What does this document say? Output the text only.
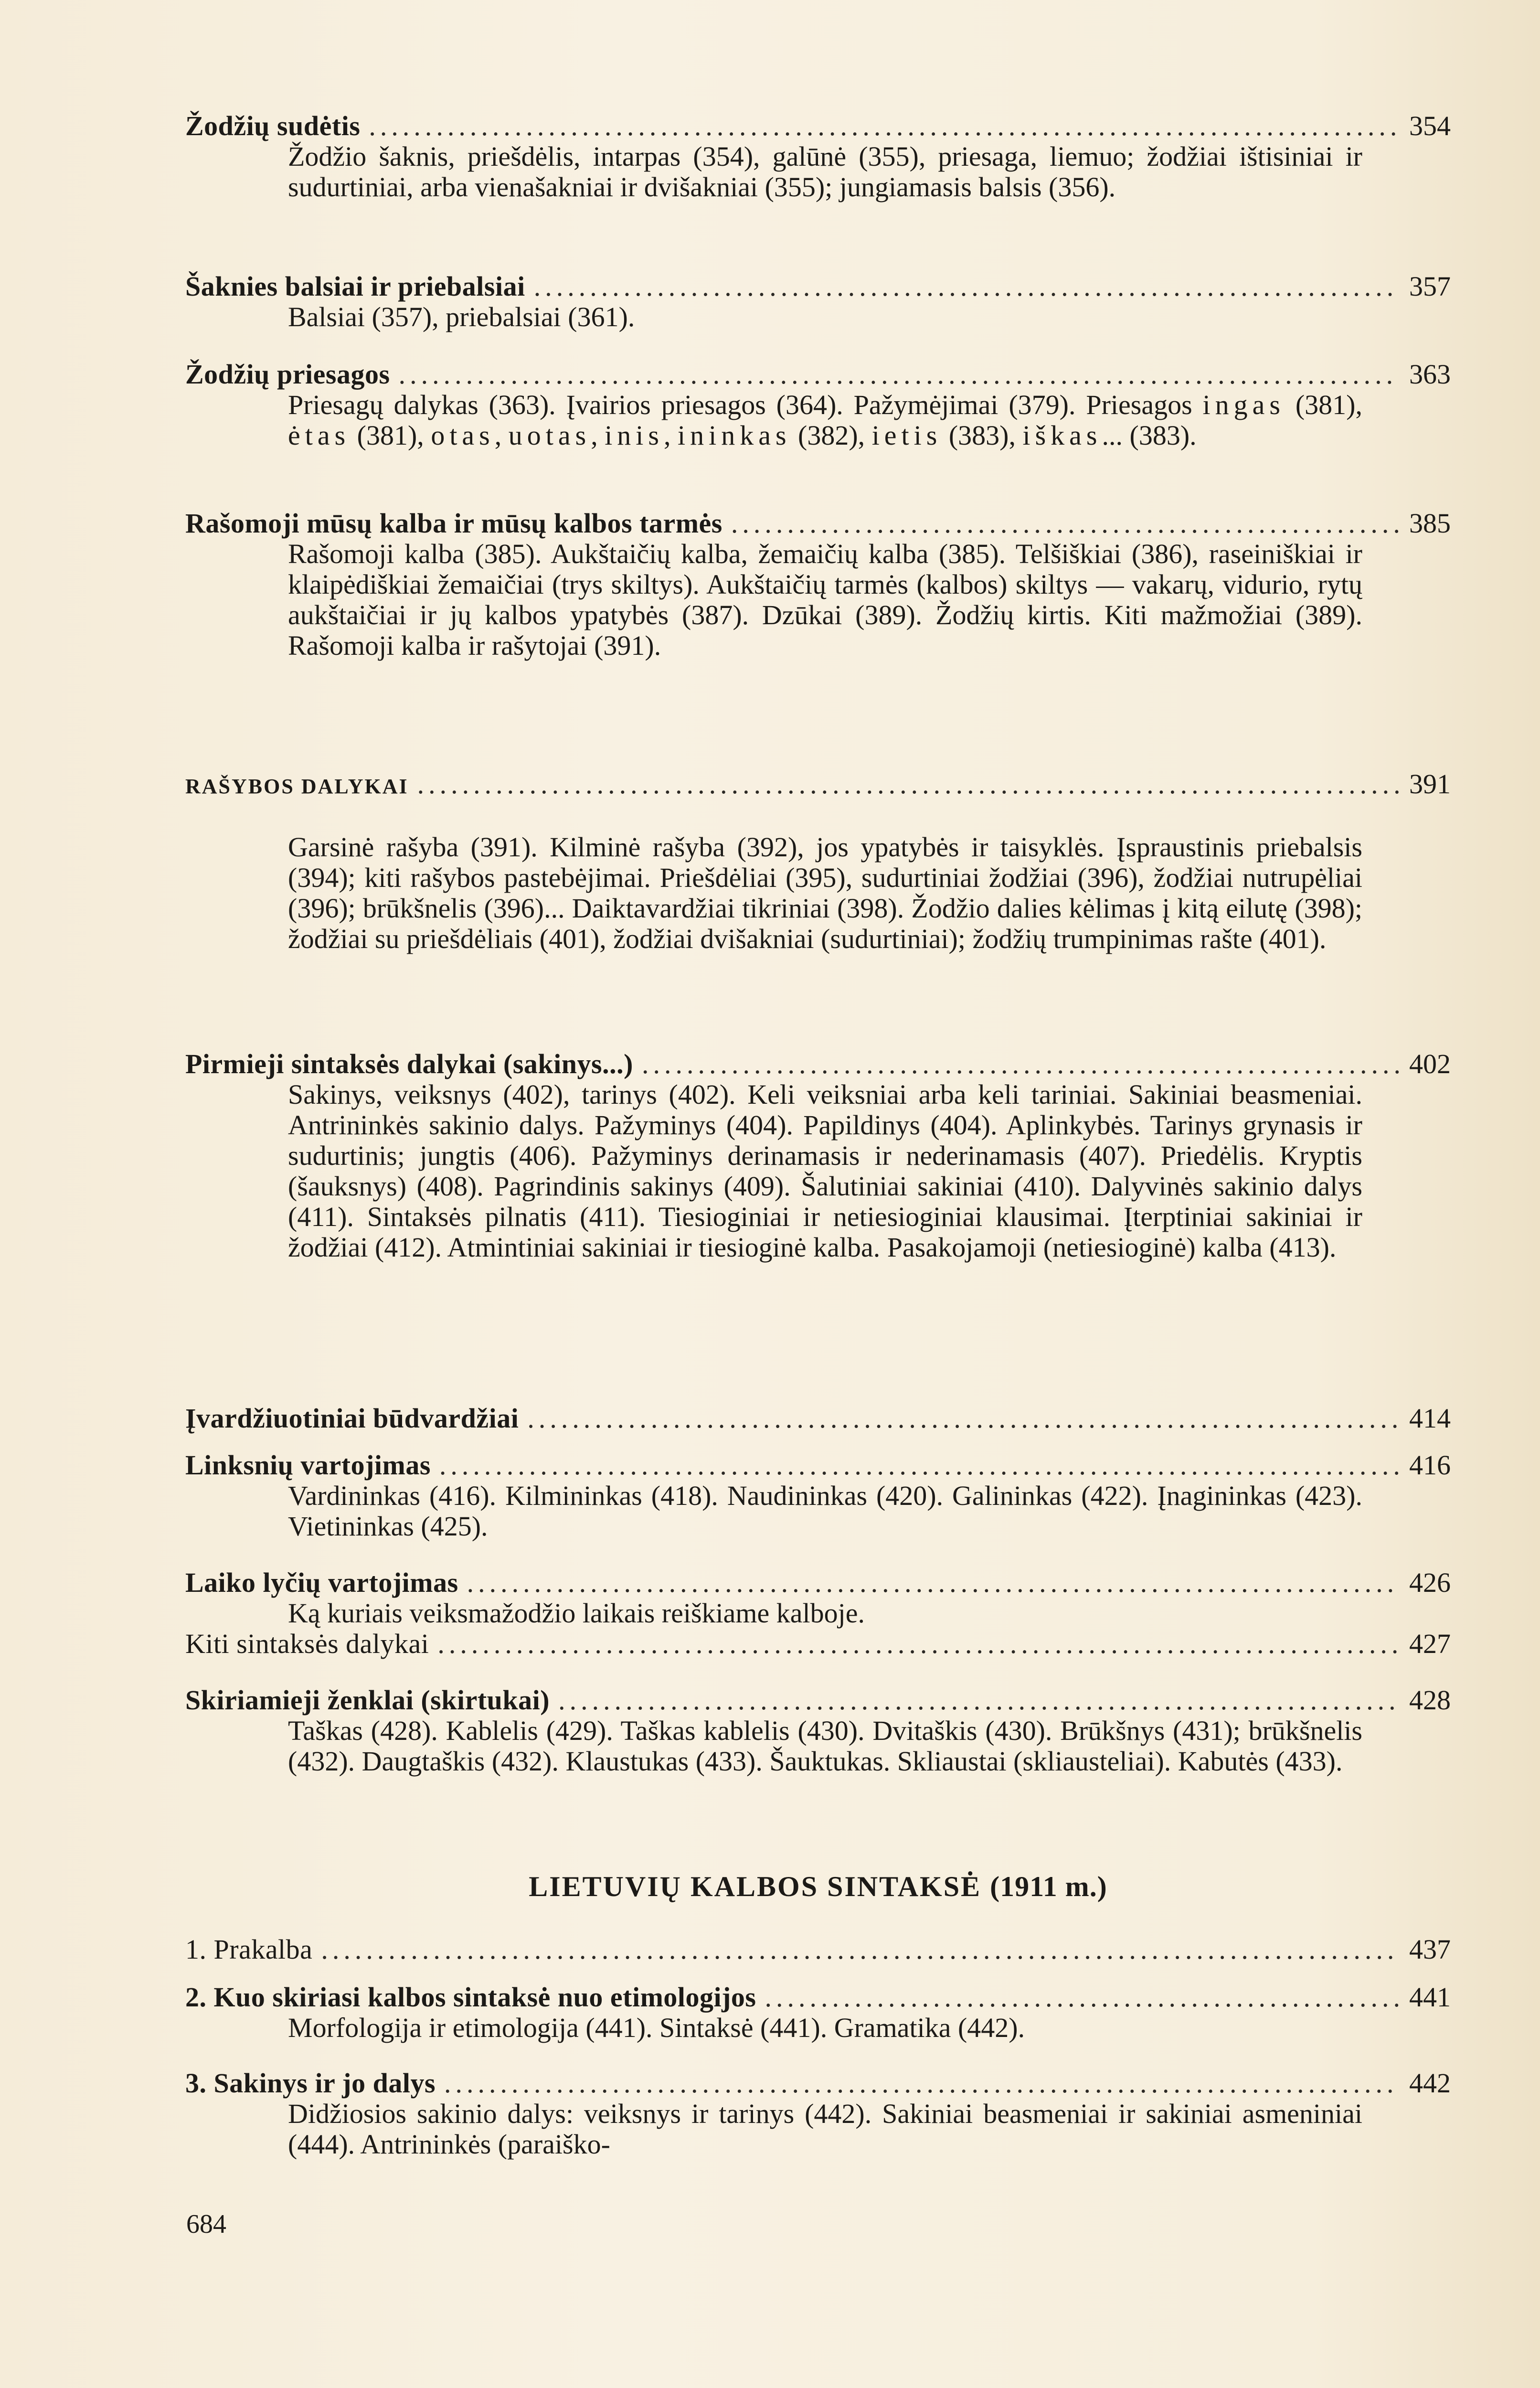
Žodžių sudėtis .....	354
Žodžio šaknis, priešdėlis, intarpas (354), galūnė (355), priesaga, liemuo; žodžiai ištisiniai ir sudurtiniai, arba vienašakniai ir dvišakniai (355); jungiamasis balsis (356).
Šaknies balsiai ir priebalsiai .....	357
Balsiai (357), priebalsiai (361).
Žodžių priesagos .....	363
Priesagų dalykas (363). Įvairios priesagos (364). Pažymėjimai (379). Priesagos ingas (381), ėtas (381), otas, uotas, inis, ininkas (382), ietis (383), iškas... (383).
Rašomoji mūsų kalba ir mūsų kalbos tarmės .....	385
Rašomoji kalba (385). Aukštaičių kalba, žemaičių kalba (385). Telšiškiai (386), raseiniškiai ir klaipėdiškiai žemaičiai (trys skiltys). Aukštaičių tarmės (kalbos) skiltys — vakarų, vidurio, rytų aukštaičiai ir jų kalbos ypatybės (387). Dzūkai (389). Žodžių kirtis. Kiti mažmožiai (389). Rašomoji kalba ir rašytojai (391).
RAŠYBOS DALYKAI .....	391
Garsinė rašyba (391). Kilminė rašyba (392), jos ypatybės ir taisyklės. Įspraustinis priebalsis (394); kiti rašybos pastebėjimai. Priešdėliai (395), sudurtiniai žodžiai (396), žodžiai nutrupėliai (396); brūkšnelis (396)... Daiktavardžiai tikriniai (398). Žodžio dalies kėlimas į kitą eilutę (398); žodžiai su priešdėliais (401), žodžiai dvišakniai (sudurtiniai); žodžių trumpinimas rašte (401).
Pirmieji sintaksės dalykai (sakinys...) .....	402
Sakinys, veiksnys (402), tarinys (402). Keli veiksniai arba keli tariniai. Sakiniai beasmeniai. Antrininkės sakinio dalys. Pažyminys (404). Papildinys (404). Aplinkybės. Tarinys grynasis ir sudurtinis; jungtis (406). Pažyminys derinamasis ir nederinamasis (407). Priedėlis. Kryptis (šauksnys) (408). Pagrindinis sakinys (409). Šalutiniai sakiniai (410). Dalyvinės sakinio dalys (411). Sintaksės pilnatis (411). Tiesioginiai ir netiesioginiai klausimai. Įterptiniai sakiniai ir žodžiai (412). Atmintiniai sakiniai ir tiesioginė kalba. Pasakojamoji (netiesioginė) kalba (413).
Įvardžiuotiniai būdvardžiai .....	414
Linksnių vartojimas .....	416
Vardininkas (416). Kilmininkas (418). Naudininkas (420). Galininkas (422). Įnagininkas (423). Vietininkas (425).
Laiko lyčių vartojimas .....	426
Ką kuriais veiksmažodžio laikais reiškiame kalboje.
Kiti sintaksės dalykai .....	427
Skiriamieji ženklai (skirtukai) .....	428
Taškas (428). Kablelis (429). Taškas kablelis (430). Dvitaškis (430). Brūkšnys (431); brūkšnelis (432). Daugtaškis (432). Klaustukas (433). Šauktukas. Skliaustai (skliausteliai). Kabutės (433).
LIETUVIŲ KALBOS SINTAKSĖ (1911 m.)
1. Prakalba .....	437
2. Kuo skiriasi kalbos sintaksė nuo etimologijos .....	441
Morfologija ir etimologija (441). Sintaksė (441). Gramatika (442).
3. Sakinys ir jo dalys .....	442
Didžiosios sakinio dalys: veiksnys ir tarinys (442). Sakiniai beasmeniai ir sakiniai asmeniniai (444). Antrininkės (paraiško-
684
